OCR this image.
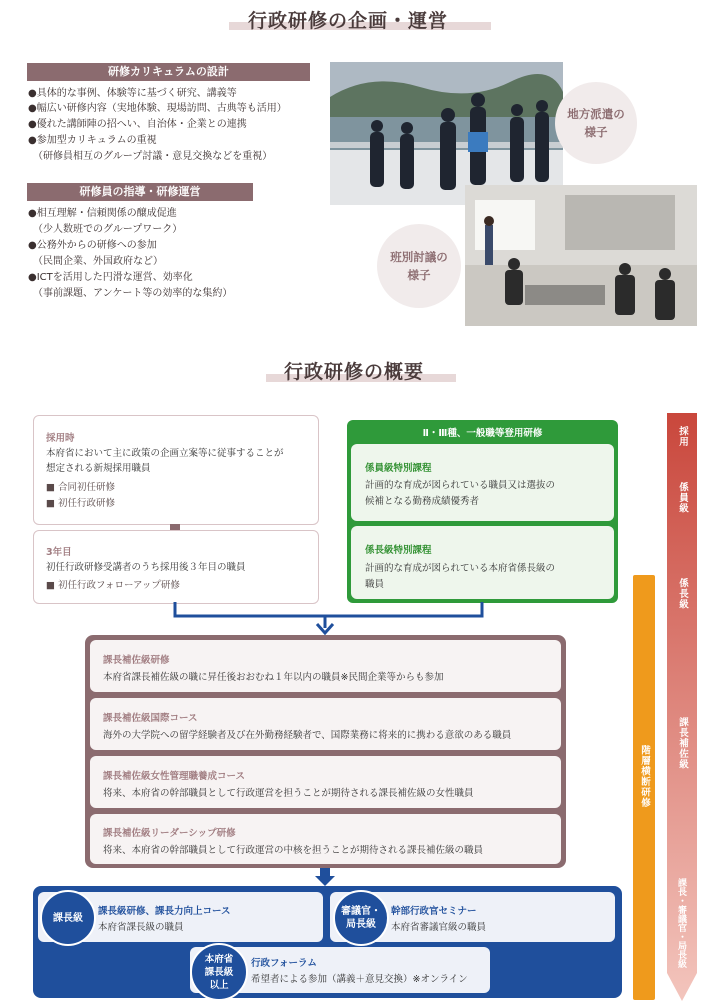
行政研修の企画・運営
研修カリキュラムの設計
●具体的な事例、体験等に基づく研究、講義等
●幅広い研修内容（実地体験、現場訪問、古典等も活用）
●優れた講師陣の招へい、自治体・企業との連携
●参加型カリキュラムの重視
　（研修員相互のグループ討議・意見交換などを重視）
研修員の指導・研修運営
●相互理解・信頼関係の醸成促進
　（少人数班でのグループワーク）
●公務外からの研修への参加
　（民間企業、外国政府など）
●ICTを活用した円滑な運営、効率化
　（事前課題、アンケート等の効率的な集約）
地方派遣の
様子
班別討議の
様子
行政研修の概要
採用時
本府省において主に政策の企画立案等に従事することが
想定される新規採用職員
■ 合同初任研修
■ 初任行政研修
3年目
初任行政研修受講者のうち採用後３年目の職員
■ 初任行政フォローアップ研修
Ⅱ・Ⅲ種、一般職等登用研修
係員級特別課程
計画的な育成が図られている職員又は選抜の
候補となる勤務成績優秀者
係長級特別課程
計画的な育成が図られている本府省係長級の
職員
課長補佐級研修
本府省課長補佐級の職に昇任後おおむね１年以内の職員※民間企業等からも参加
課長補佐級国際コース
海外の大学院への留学経験者及び在外勤務経験者で、国際業務に将来的に携わる意欲のある職員
課長補佐級女性管理職養成コース
将来、本府省の幹部職員として行政運営を担うことが期待される課長補佐級の女性職員
課長補佐級リーダーシップ研修
将来、本府省の幹部職員として行政運営の中核を担うことが期待される課長補佐級の職員
課長級
課長級研修、課長力向上コース
本府省課長級の職員
審議官・
局長級
幹部行政官セミナー
本府省審議官級の職員
本府省
課長級
以上
行政フォーラム
希望者による参加（講義＋意見交換）※オンライン
階層横断研修
採用
係員級
係長級
課長補佐級
課長・審議官・局長級
